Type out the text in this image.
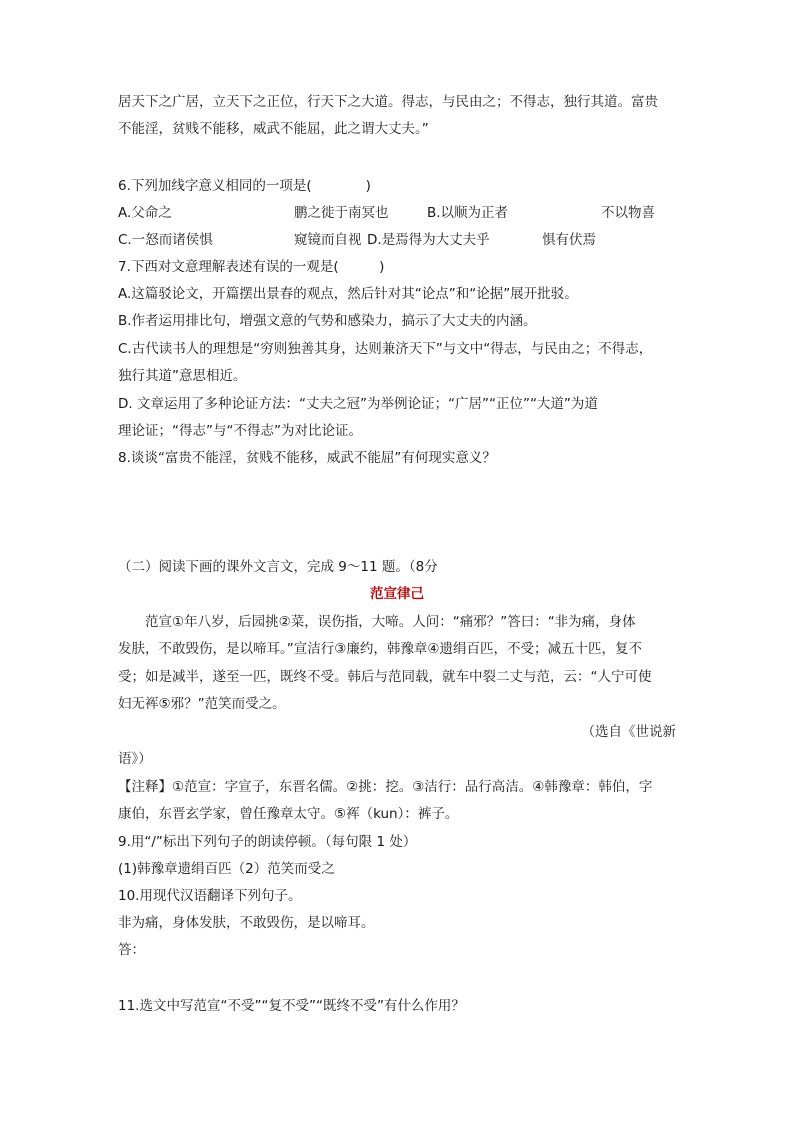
居天下之广居，立天下之正位，行天下之大道。得志，与民由之；不得志，独行其道。富贵
不能淫，贫贱不能移，威武不能屈，此之谓大丈夫。”
6.下列加线字意义相同的一项是(　　　　)
A.父命之	鹏之徙于南冥也	B.以顺为正者	不以物喜
C.一怒而诸侯惧	窥镜而自视 D.是焉得为大丈夫乎	惧有伏焉
7.下西对文意理解表述有误的一观是(　　　)
A.这篇驳论文，开篇摆出景春的观点，然后针对其“论点”和“论据”展开批驳。
B.作者运用排比句，增强文意的气势和感染力，搞示了大丈夫的内涵。
C.古代读书人的理想是“穷则独善其身，达则兼济天下”与文中“得志，与民由之；不得志，
独行其道”意思相近。
D. 文章运用了多种论证方法：“丈夫之冠”为举例论证；“广居”“正位”“大道”为道
理论证；“得志”与“不得志”为对比论证。
8.谈谈“富贵不能淫，贫贱不能移，威武不能屈”有何现实意义？
（二）阅读下画的课外文言文，完成 9～11 题。（8分
范宣律己
范宣①年八岁，后园挑②菜，误伤指，大啼。人问：“痛邪？”答曰：“非为痛，身体
发肤，不敢毁伤，是以啼耳。”宣洁行③廉约，韩豫章④遗绢百匹，不受；减五十匹，复不
受；如是减半，遂至一匹，既终不受。韩后与范同载，就车中裂二丈与范，云：“人宁可使
妇无裈⑤邪？”范笑而受之。
（选自《世说新
语》）
【注释】①范宣：字宣子，东晋名儒。②挑：挖。③洁行：品行高洁。④韩豫章：韩伯，字
康伯，东晋玄学家，曾任豫章太守。⑤裈（kun）：裤子。
9.用“/”标出下列句子的朗读停顿。（每句限 1 处）
(1)韩豫章遗绢百匹（2）范笑而受之
10.用现代汉语翻译下列句子。
非为痛，身体发肤，不敢毁伤，是以啼耳。
答：
11.选文中写范宣“不受”“复不受”“既终不受”有什么作用？
